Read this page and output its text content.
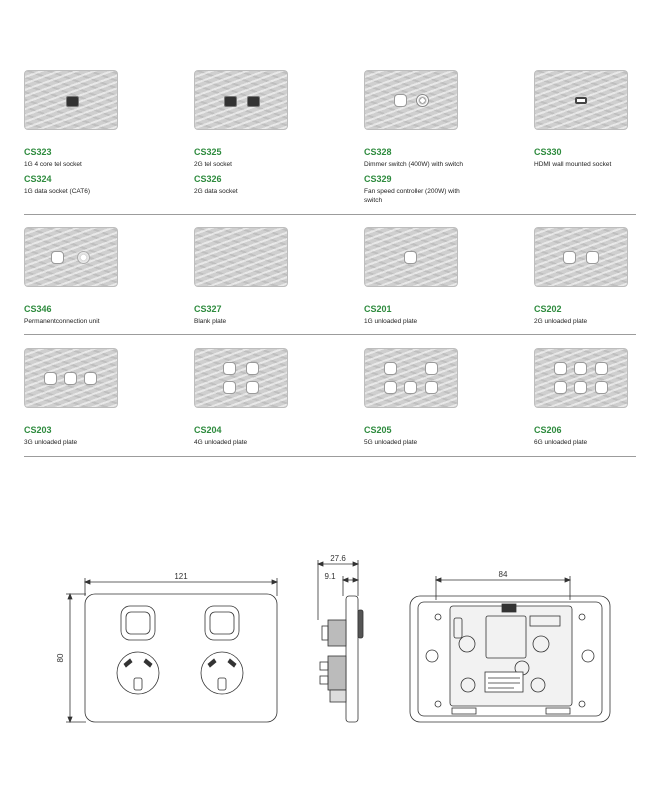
CS323
1G 4 core tel socket
CS324
1G data socket (CAT6)
CS325
2G tel socket
CS326
2G data socket
CS328
Dimmer switch (400W) with switch
CS329
Fan speed controller (200W) with switch
CS330
HDMI wall mounted socket
CS346
Permanentconnection unit
CS327
Blank plate
CS201
1G unloaded plate
CS202
2G unloaded plate
CS203
3G unloaded plate
CS204
4G unloaded plate
CS205
5G unloaded plate
CS206
6G unloaded plate
121
80
27.6
9.1	84
